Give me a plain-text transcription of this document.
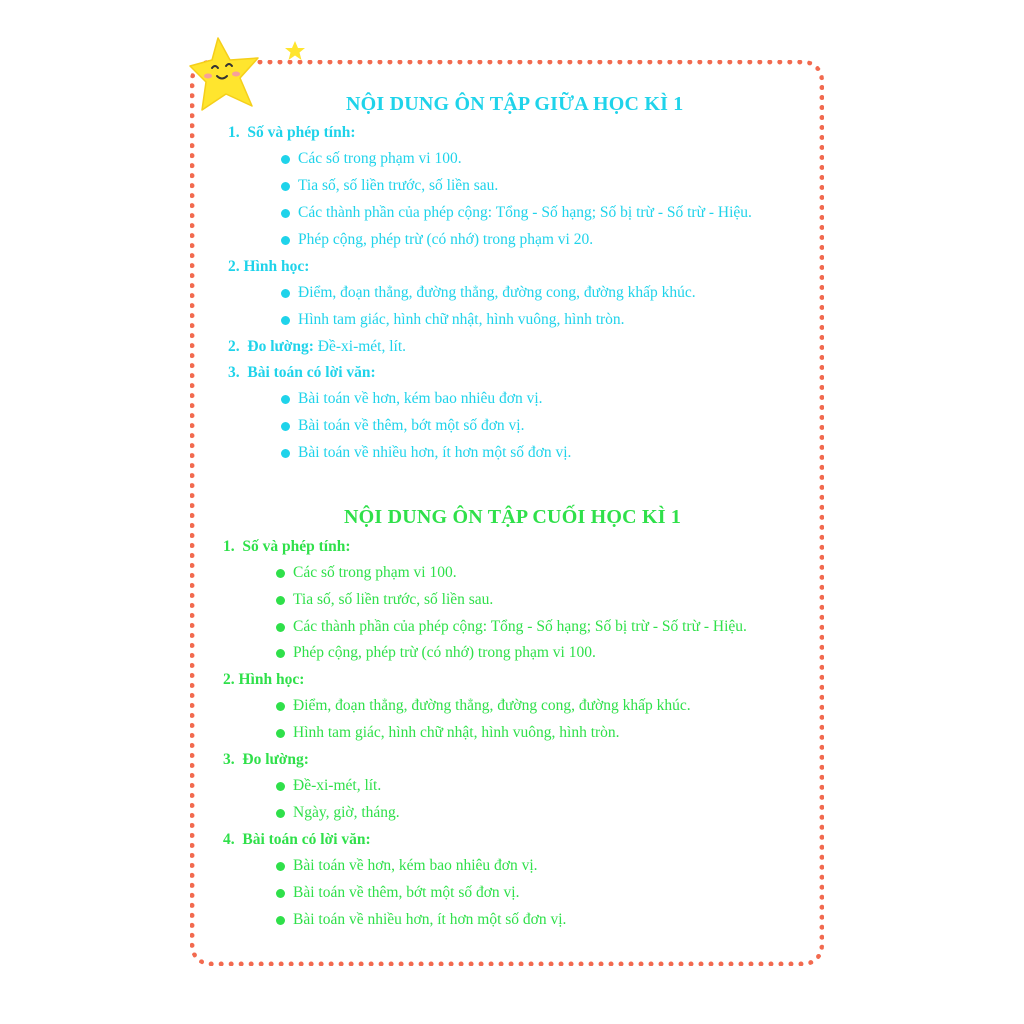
NỘI DUNG ÔN TẬP GIỮA HỌC KÌ 1
1. Số và phép tính:
Các số trong phạm vi 100.
Tia số, số liền trước, số liền sau.
Các thành phần của phép cộng: Tổng - Số hạng; Số bị trừ - Số trừ - Hiệu.
Phép cộng, phép trừ (có nhớ) trong phạm vi 20.
2. Hình học:
Điểm, đoạn thẳng, đường thẳng, đường cong, đường khấp khúc.
Hình tam giác, hình chữ nhật, hình vuông, hình tròn.
2. Đo lường: Đề-xi-mét, lít.
3. Bài toán có lời văn:
Bài toán về hơn, kém bao nhiêu đơn vị.
Bài toán về thêm, bớt một số đơn vị.
Bài toán về nhiều hơn, ít hơn một số đơn vị.
NỘI DUNG ÔN TẬP CUỐI HỌC KÌ 1
1. Số và phép tính:
Các số trong phạm vi 100.
Tia số, số liền trước, số liền sau.
Các thành phần của phép cộng: Tổng - Số hạng; Số bị trừ - Số trừ - Hiệu.
Phép cộng, phép trừ (có nhớ) trong phạm vi 100.
2. Hình học:
Điểm, đoạn thẳng, đường thẳng, đường cong, đường khấp khúc.
Hình tam giác, hình chữ nhật, hình vuông, hình tròn.
3. Đo lường:
Đề-xi-mét, lít.
Ngày, giờ, tháng.
4. Bài toán có lời văn:
Bài toán về hơn, kém bao nhiêu đơn vị.
Bài toán về thêm, bớt một số đơn vị.
Bài toán về nhiều hơn, ít hơn một số đơn vị.
